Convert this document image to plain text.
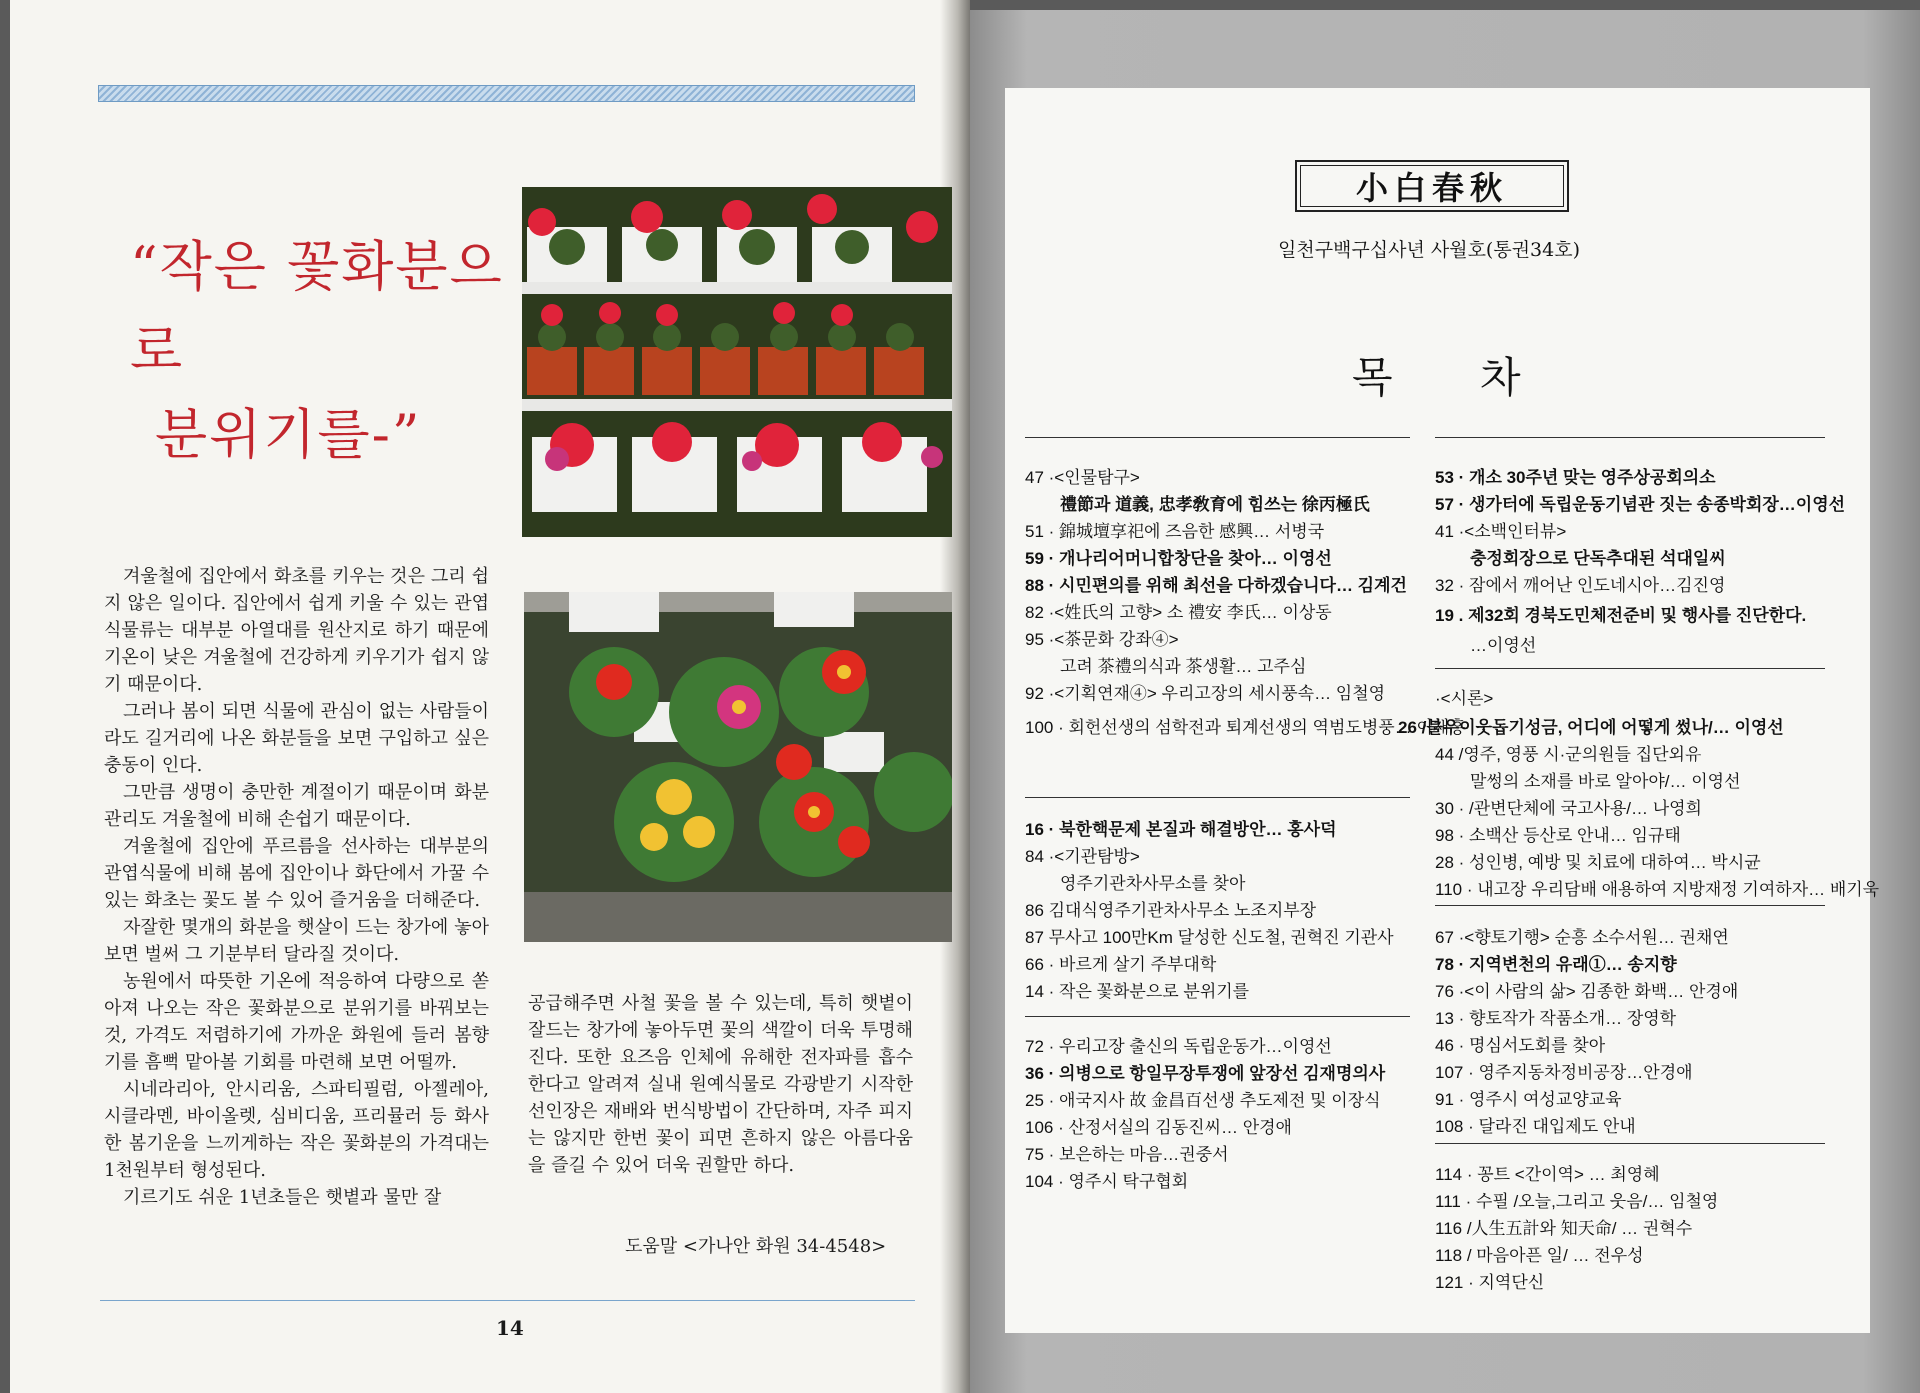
“작은 꽃화분으로
분위기를-”

겨울철에 집안에서 화초를 키우는 것은 그리 쉽지 않은 일이다. 집안에서 쉽게 키울 수 있는 관엽식물류는 대부분 아열대를 원산지로 하기 때문에 기온이 낮은 겨울철에 건강하게 키우기가 쉽지 않기 때문이다.

그러나 봄이 되면 식물에 관심이 없는 사람들이라도 길거리에 나온 화분들을 보면 구입하고 싶은 충동이 인다.

그만큼 생명이 충만한 계절이기 때문이며 화분관리도 겨울철에 비해 손쉽기 때문이다.

겨울철에 집안에 푸르름을 선사하는 대부분의 관엽식물에 비해 봄에 집안이나 화단에서 가꿀 수 있는 화초는 꽃도 볼 수 있어 즐거움을 더해준다.

자잘한 몇개의 화분을 햇살이 드는 창가에 놓아보면 벌써 그 기분부터 달라질 것이다.

농원에서 따뜻한 기온에 적응하여 다량으로 쏟아져 나오는 작은 꽃화분으로 분위기를 바꿔보는 것, 가격도 저렴하기에 가까운 화원에 들러 봄향기를 흠뻑 맡아볼 기회를 마련해 보면 어떨까.

시네라리아, 안시리움, 스파티필럼, 아젤레아, 시클라멘, 바이올렛, 심비디움, 프리뮬러 등 화사한 봄기운을 느끼게하는 작은 꽃화분의 가격대는 1천원부터 형성된다.

기르기도 쉬운 1년초들은 햇볕과 물만 잘

공급해주면 사철 꽃을 볼 수 있는데, 특히 햇볕이 잘드는 창가에 놓아두면 꽃의 색깔이 더욱 투명해진다. 또한 요즈음 인체에 유해한 전자파를 흡수한다고 알려져 실내 원예식물로 각광받기 시작한 선인장은 재배와 번식방법이 간단하며, 자주 피지는 않지만 한번 꽃이 피면 흔하지 않은 아름다움을 즐길 수 있어 더욱 권할만 하다.

도움말 <가나안 화원 34-4548>
14
小白春秋
일천구백구십사년 사월호(통권34호)
목 차
47 ·<인물탐구>
禮節과 道義, 忠孝敎育에 힘쓰는 徐丙極氏
51 · 錦城壇享祀에 즈음한 感興… 서병국
59 · 개나리어머니합창단을 찾아… 이영선
88 · 시민편의를 위해 최선을 다하겠습니다… 김계건
82 ·<姓氏의 고향> 소 禮安 李氏… 이상동
95 ·<茶문화 강좌④>
고려 茶禮의식과 茶생활… 고주심
92 ·<기획연재④> 우리고장의 세시풍속… 임철영
16 · 북한핵문제 본질과 해결방안… 홍사덕
84 ·<기관탐방>
영주기관차사무소를 찾아
86 김대식영주기관차사무소 노조지부장
87 무사고 100만Km 달성한 신도철, 권혁진 기관사
66 · 바르게 살기 주부대학
14 · 작은 꽃화분으로 분위기를
72 · 우리고장 출신의 독립운동가…이영선
36 · 의병으로 항일무장투쟁에 앞장선 김재명의사
25 · 애국지사 故 金昌百선생 추도제전 및 이장식
106 · 산정서실의 김동진씨… 안경애
75 · 보은하는 마음…권중서
104 · 영주시 탁구협회
100 · 회헌선생의 섬학전과 퇴계선생의 역범도병풍… 이재흥
53 · 개소 30주년 맞는 영주상공회의소
57 · 생가터에 독립운동기념관 짓는 송종박회장…이영선
41 ·<소백인터뷰>
충정회장으로 단독추대된 석대일씨
32 · 잠에서 깨어난 인도네시아…김진영
19 . 제32회 경북도민체전준비 및 행사를 진단한다.
…이영선
·<시론>
26 /불우이웃돕기성금, 어디에 어떻게 썼나/… 이영선
44 /영주, 영풍 시·군의원들 집단외유
말썽의 소재를 바로 알아야/… 이영선
30 · /관변단체에 국고사용/… 나영희
98 · 소백산 등산로 안내… 임규태
28 · 성인병, 예방 및 치료에 대하여… 박시균
110 · 내고장 우리담배 애용하여 지방재정 기여하자… 배기욱
67 ·<향토기행> 순흥 소수서원… 권채연
78 · 지역변천의 유래①… 송지향
76 ·<이 사람의 삶> 김종한 화백… 안경애
13 · 향토작가 작품소개… 장영학
46 · 명심서도회를 찾아
107 · 영주지동차정비공장…안경애
91 · 영주시 여성교양교육
108 · 달라진 대입제도 안내
114 · 꽁트 <간이역> … 최영혜
111 · 수필 /오늘,그리고 웃음/… 임철영
116 /人生五計와 知天命/ … 권혁수
118 / 마음아픈 일/ … 전우성
121 · 지역단신
